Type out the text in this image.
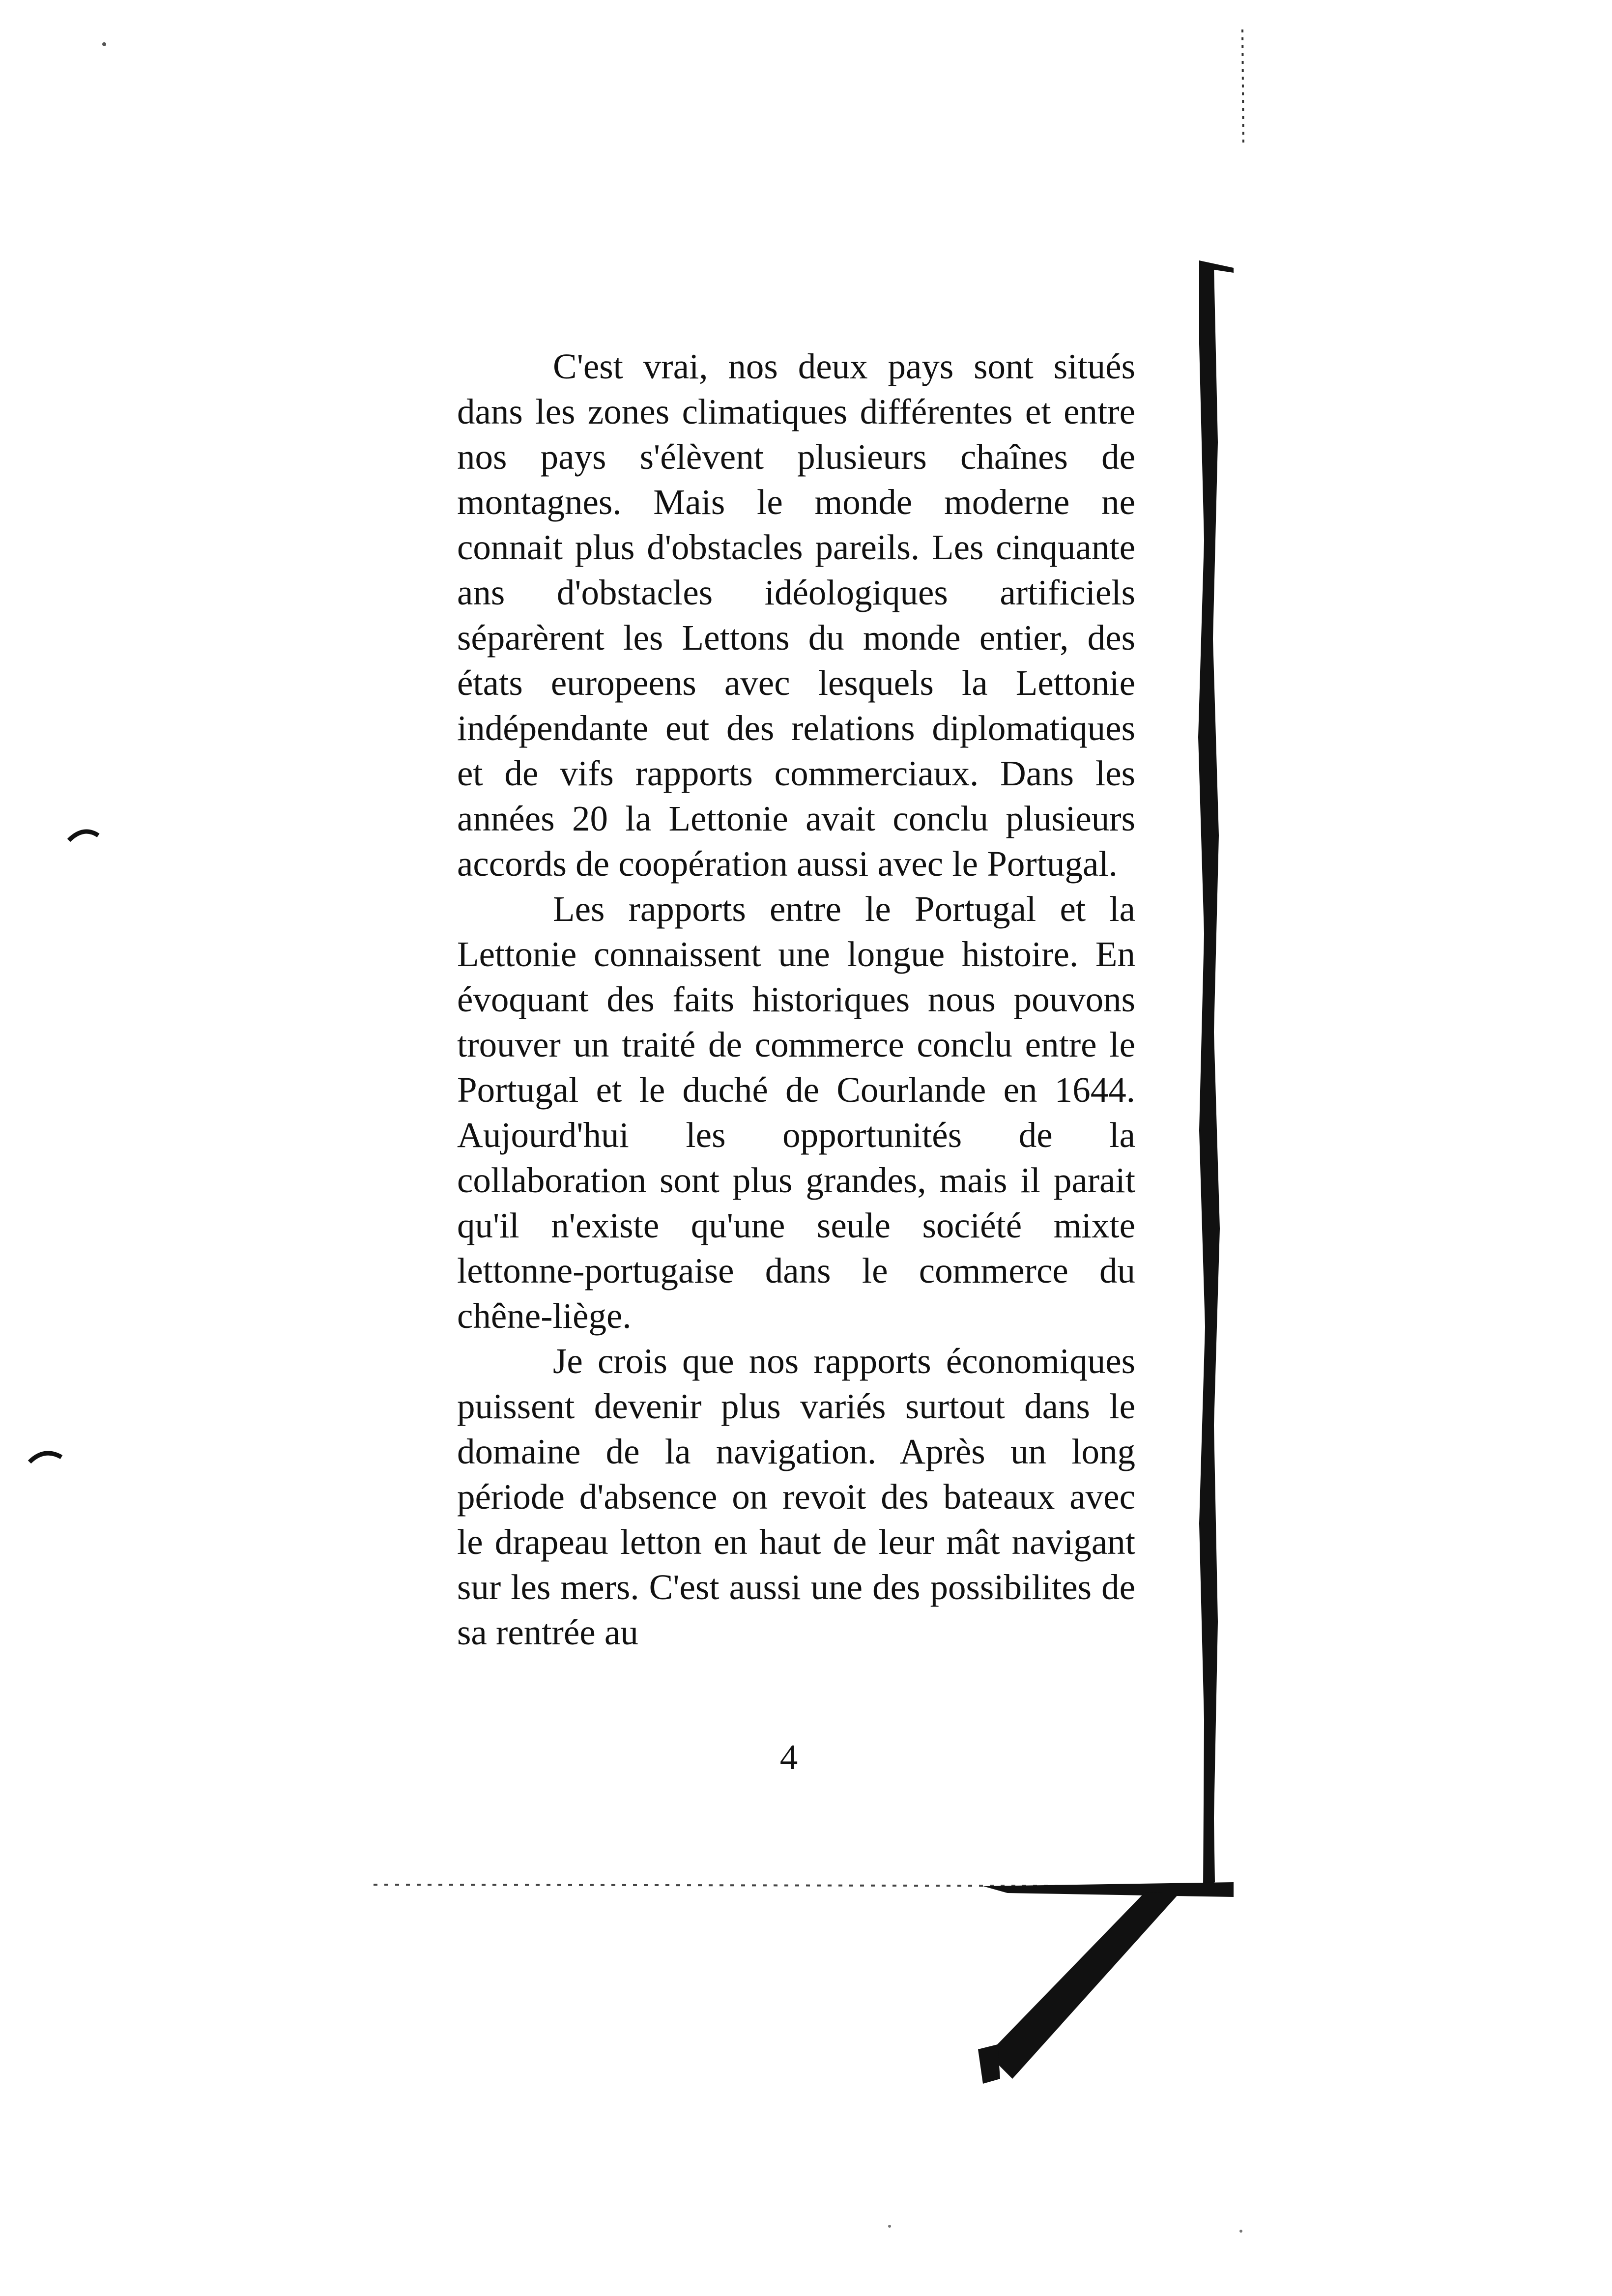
C'est vrai, nos deux pays sont situés dans les zones climatiques différentes et entre nos pays s'élèvent plusieurs chaînes de montagnes. Mais le monde moderne ne connait plus d'obstacles pareils. Les cinquante ans d'obstacles idéologiques artificiels séparèrent les Lettons du monde entier, des états europeens avec lesquels la Lettonie indépendante eut des relations diplomatiques et de vifs rapports commerciaux. Dans les années 20 la Lettonie avait conclu plusieurs accords de coopération aussi avec le Portugal.

Les rapports entre le Portugal et la Lettonie connaissent une longue histoire. En évoquant des faits historiques nous pouvons trouver un traité de commerce conclu entre le Portugal et le duché de Courlande en 1644. Aujourd'hui les opportunités de la collaboration sont plus grandes, mais il parait qu'il n'existe qu'une seule société mixte lettonne-portugaise dans le commerce du chêne-liège.

Je crois que nos rapports économiques puissent devenir plus variés surtout dans le domaine de la navigation. Après un long période d'absence on revoit des bateaux avec le drapeau letton en haut de leur mât navigant sur les mers. C'est aussi une des possibilites de sa rentrée au

4
